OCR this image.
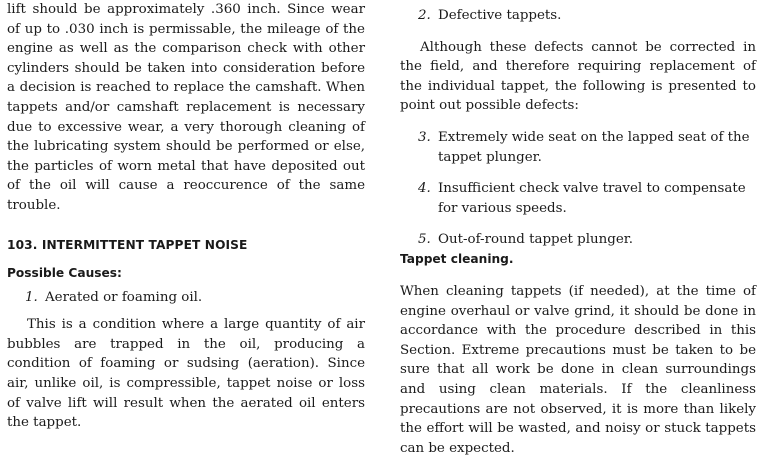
lift should be approximately .360 inch. Since wear of up to .030 inch is permissable, the mileage of the engine as well as the comparison check with other cylinders should be taken into consideration before a decision is reached to replace the camshaft. When tappets and/or camshaft replacement is necessary due to excessive wear, a very thorough cleaning of the lubricating system should be performed or else, the particles of worn metal that have deposited out of the oil will cause a reoccurence of the same trouble.

103. INTERMITTENT TAPPET NOISE
Possible Causes:
1. Aerated or foaming oil.

This is a condition where a large quantity of air bubbles are trapped in the oil, producing a condition of foaming or sudsing (aeration). Since air, unlike oil, is compressible, tappet noise or loss of valve lift will result when the aerated oil enters the tappet.

2. Defective tappets.

Although these defects cannot be corrected in the field, and therefore requiring replacement of the individual tappet, the following is presented to point out possible defects:

3. Extremely wide seat on the lapped seat of the tappet plunger.
4. Insufficient check valve travel to compensate for various speeds.
5. Out-of-round tappet plunger.
Tappet cleaning.

When cleaning tappets (if needed), at the time of engine overhaul or valve grind, it should be done in accordance with the procedure described in this Section. Extreme precautions must be taken to be sure that all work be done in clean surroundings and using clean materials. If the cleanliness precautions are not observed, it is more than likely the effort will be wasted, and noisy or stuck tappets can be expected.
